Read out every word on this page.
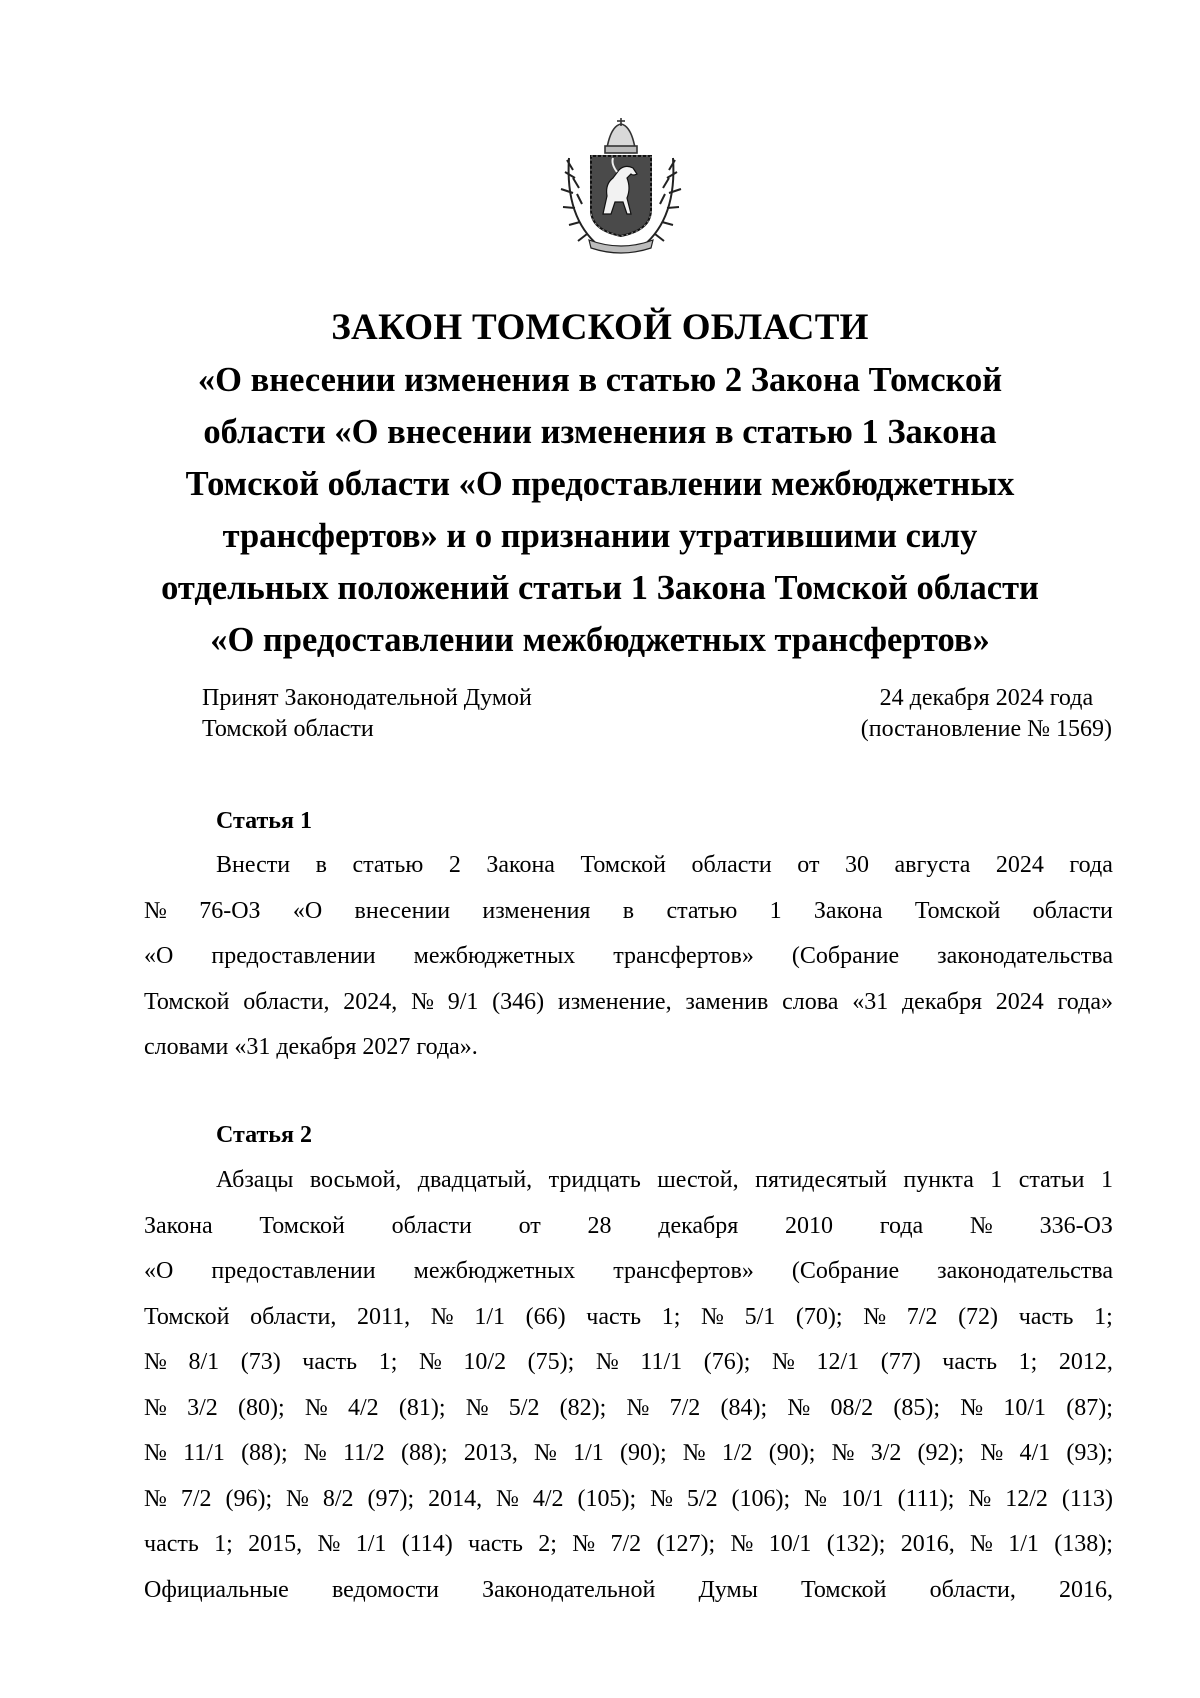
ЗАКОН ТОМСКОЙ ОБЛАСТИ
«О внесении изменения в статью 2 Закона Томской
области «О внесении изменения в статью 1 Закона
Томской области «О предоставлении межбюджетных
трансфертов» и о признании утратившими силу
отдельных положений статьи 1 Закона Томской области
«О предоставлении межбюджетных трансфертов»
Принят Законодательной Думой
Томской области
24 декабря 2024 года
(постановление № 1569)
Статья 1
Внести в статью 2 Закона Томской области от 30 августа 2024 года
№ 76-ОЗ «О внесении изменения в статью 1 Закона Томской области
«О предоставлении межбюджетных трансфертов» (Собрание законодательства
Томской области, 2024, № 9/1 (346) изменение, заменив слова «31 декабря 2024 года»
словами «31 декабря 2027 года».
Статья 2
Абзацы восьмой, двадцатый, тридцать шестой, пятидесятый пункта 1 статьи 1
Закона Томской области от 28 декабря 2010 года № 336-ОЗ
«О предоставлении межбюджетных трансфертов» (Собрание законодательства
Томской области, 2011, № 1/1 (66) часть 1; № 5/1 (70); № 7/2 (72) часть 1;
№ 8/1 (73) часть 1; № 10/2 (75); № 11/1 (76); № 12/1 (77) часть 1; 2012,
№ 3/2 (80); № 4/2 (81); № 5/2 (82); № 7/2 (84); № 08/2 (85); № 10/1 (87);
№ 11/1 (88); № 11/2 (88); 2013, № 1/1 (90); № 1/2 (90); № 3/2 (92); № 4/1 (93);
№ 7/2 (96); № 8/2 (97); 2014, № 4/2 (105); № 5/2 (106); № 10/1 (111); № 12/2 (113)
часть 1; 2015, № 1/1 (114) часть 2; № 7/2 (127); № 10/1 (132); 2016, № 1/1 (138);
Официальные ведомости Законодательной Думы Томской области, 2016,
